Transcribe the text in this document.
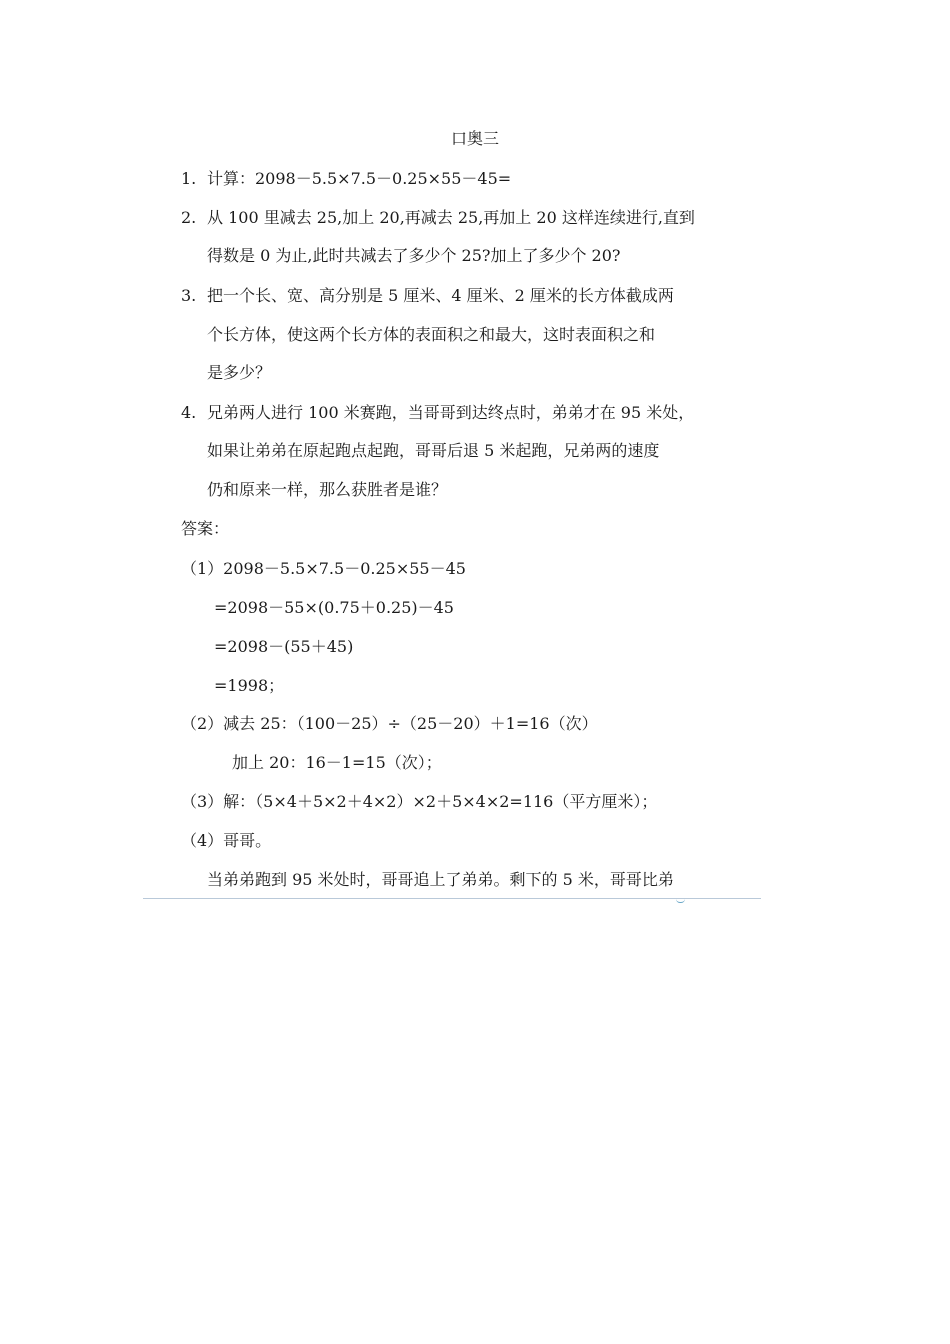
口奥三
1. 计算：2098－5.5×7.5－0.25×55－45=
2. 从 100 里减去 25,加上 20,再减去 25,再加上 20 这样连续进行,直到
得数是 0 为止,此时共减去了多少个 25?加上了多少个 20?
3. 把一个长、宽、高分别是 5 厘米、4 厘米、2 厘米的长方体截成两
个长方体，使这两个长方体的表面积之和最大，这时表面积之和
是多少？
4. 兄弟两人进行 100 米赛跑，当哥哥到达终点时，弟弟才在 95 米处，
如果让弟弟在原起跑点起跑，哥哥后退 5 米起跑，兄弟两的速度
仍和原来一样，那么获胜者是谁？
答案：
（1）2098－5.5×7.5－0.25×55－45
=2098－55×(0.75＋0.25)－45
=2098－(55＋45)
=1998；
（2）减去 25：（100－25）÷（25－20）＋1=16（次）
加上 20：16－1=15（次）；
（3）解：（5×4＋5×2＋4×2）×2＋5×4×2=116（平方厘米）；
（4）哥哥。
当弟弟跑到 95 米处时，哥哥追上了弟弟。剩下的 5 米，哥哥比弟
